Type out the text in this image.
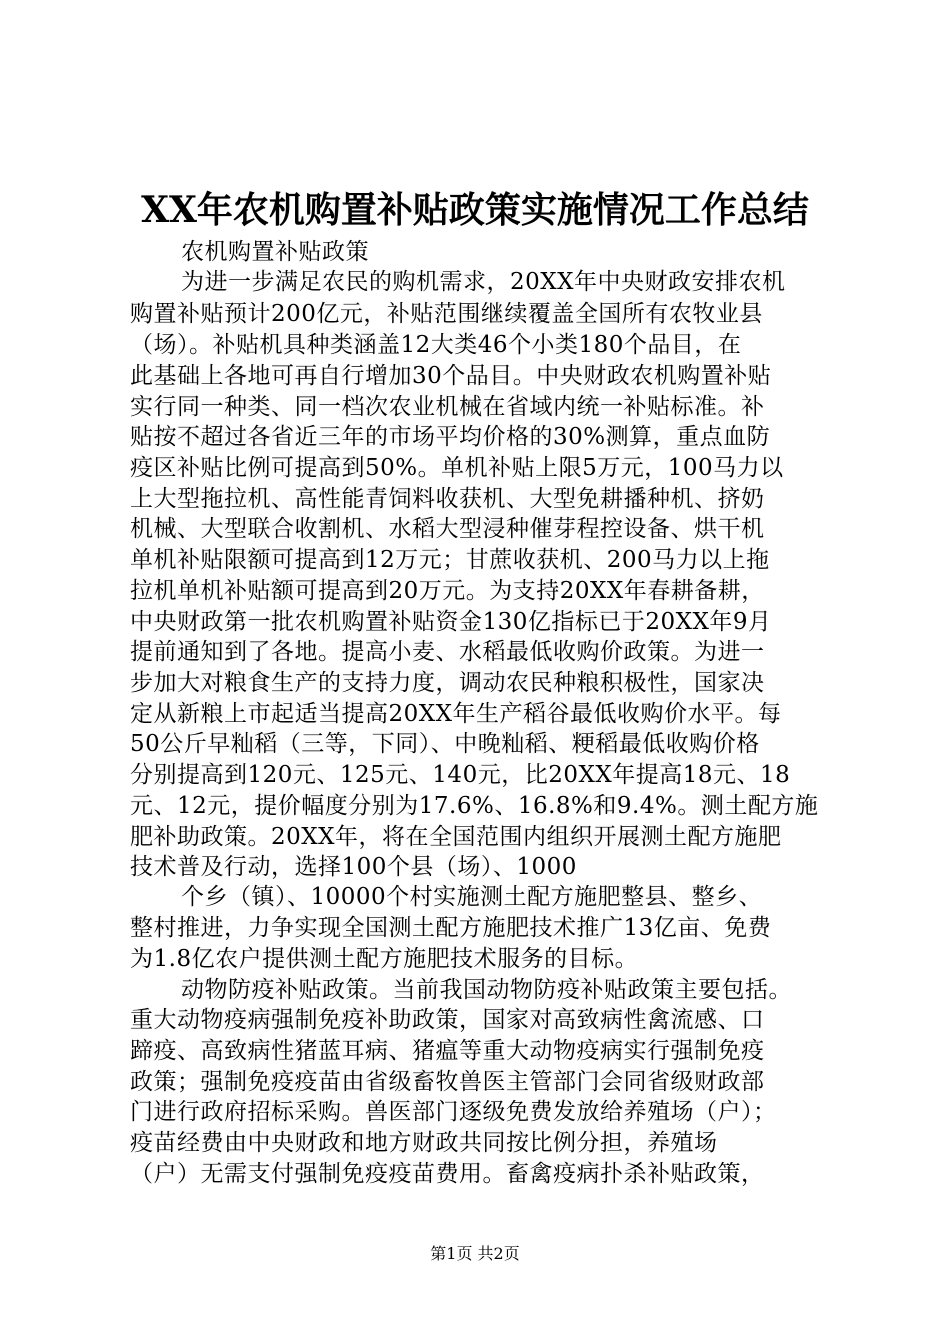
XX年农机购置补贴政策实施情况工作总结
农机购置补贴政策
为进一步满足农民的购机需求，20XX年中央财政安排农机
购置补贴预计200亿元，补贴范围继续覆盖全国所有农牧业县
（场）。补贴机具种类涵盖12大类46个小类180个品目，在
此基础上各地可再自行增加30个品目。中央财政农机购置补贴
实行同一种类、同一档次农业机械在省域内统一补贴标准。补
贴按不超过各省近三年的市场平均价格的30%测算，重点血防
疫区补贴比例可提高到50%。单机补贴上限5万元，100马力以
上大型拖拉机、高性能青饲料收获机、大型免耕播种机、挤奶
机械、大型联合收割机、水稻大型浸种催芽程控设备、烘干机
单机补贴限额可提高到12万元；甘蔗收获机、200马力以上拖
拉机单机补贴额可提高到20万元。为支持20XX年春耕备耕，
中央财政第一批农机购置补贴资金130亿指标已于20XX年9月
提前通知到了各地。提高小麦、水稻最低收购价政策。为进一
步加大对粮食生产的支持力度，调动农民种粮积极性，国家决
定从新粮上市起适当提高20XX年生产稻谷最低收购价水平。每
50公斤早籼稻（三等，下同）、中晚籼稻、粳稻最低收购价格
分别提高到120元、125元、140元，比20XX年提高18元、18
元、12元，提价幅度分别为17.6%、16.8%和9.4%。测土配方施
肥补助政策。20XX年，将在全国范围内组织开展测土配方施肥
技术普及行动，选择100个县（场）、1000
个乡（镇）、10000个村实施测土配方施肥整县、整乡、
整村推进，力争实现全国测土配方施肥技术推广13亿亩、免费
为1.8亿农户提供测土配方施肥技术服务的目标。
动物防疫补贴政策。当前我国动物防疫补贴政策主要包括。
重大动物疫病强制免疫补助政策，国家对高致病性禽流感、口
蹄疫、高致病性猪蓝耳病、猪瘟等重大动物疫病实行强制免疫
政策；强制免疫疫苗由省级畜牧兽医主管部门会同省级财政部
门进行政府招标采购。兽医部门逐级免费发放给养殖场（户）；
疫苗经费由中央财政和地方财政共同按比例分担，养殖场
（户）无需支付强制免疫疫苗费用。畜禽疫病扑杀补贴政策，
第1页 共2页
